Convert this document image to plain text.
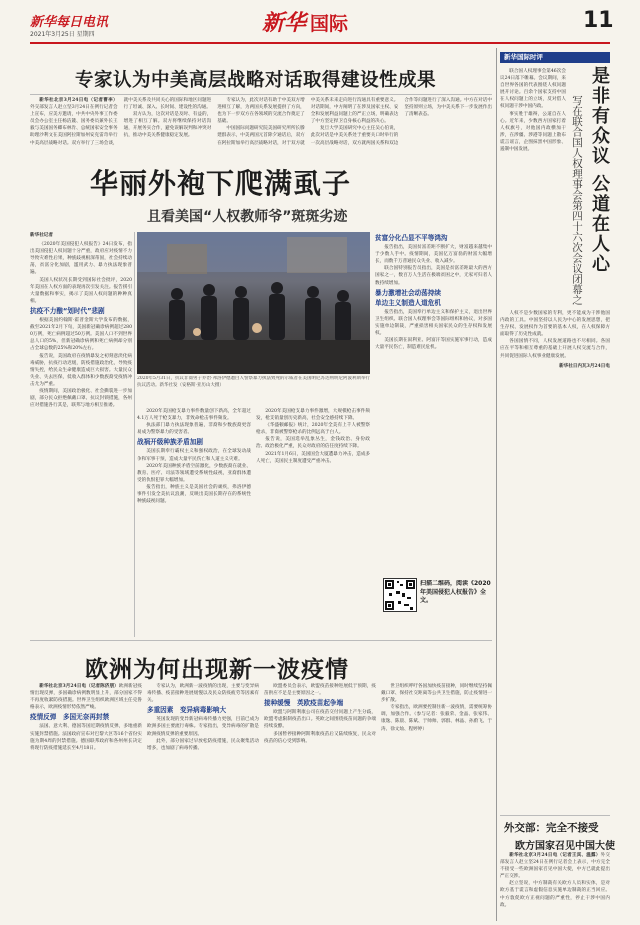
新华每日电讯
2021年3月25日 星期四	新华 国际	11
专家认为中美高层战略对话取得建设性成果

新华社北京3月24日电（记者曹李）外交部发言人赵立坚3月24日在例行记者会上宣布，应美方邀请，中共中央外事工作委员会办公室主任杨洁篪、国务委员兼外长王毅与美国国务卿布林肯、总统国家安全事务助理沙利文在美国阿拉斯加州安克雷奇举行中美高层战略对话。双方举行了三场会谈，就中美关系及共同关心的国际和地区问题进行了坦诚、深入、长时间、建设性的沟通。

双方认为，这次对话是及时、有益的，增进了相互了解。双方将继续保持对话沟通，开展务实合作，避免误解误判和冲突对抗，推动中美关系健康稳定发展。

专家认为，此次对话有助于中美双方增进相互了解，为两国关系发展提供了方向，也为下一步双方在各领域的交流合作奠定了基础。

中国国际问题研究院美国研究所所长滕建群表示，中美两国元首除夕通话后，双方在阿拉斯加举行高层战略对话，对于双方就中美关系未来走向进行沟通具有重要意义。对话期间，中方阐明了在涉及国家主权、安全和发展利益问题上的严正立场，明确表达了中方坚定捍卫自身核心利益的决心。

复旦大学美国研究中心主任吴心伯说，此次对话是中美关系处于重要关口时举行的一次高层战略对话，双方就两国关系和双边合作等问题进行了深入沟通。中方在对话中坚持原则立场，为中美关系下一步发展作出了清晰表态。

华丽外袍下爬满虱子
且看美国“人权教师爷”斑斑劣迹
2020年5月31日，抗议非裔男子乔治·弗洛伊德遭白人警察暴力执法致死的示威者在美国明尼苏达州明尼阿波利斯举行抗议活动。新华社发（安格斯·亚历山大摄）
新华社记者

《2020年美国侵犯人权报告》24日发布，指出美国侵犯人权问题十分严重，政府应对疫情不力导致灾难性后果，种族歧视根深蒂固，社会持续动荡，贫富分化加剧，滥用武力、暴力执法现象普遍。

美国人权状况长期受到国际社会批评，2020年美国在人权方面的表现再次引发关注。报告援引大量数据和事实，揭示了美国人权问题的种种真相。

抗疫不力酿“划时代”悲剧

根据美国约翰斯·霍普金斯大学发布的数据，截至2021年2月下旬，美国新冠确诊病例超过2800万例，死亡病例超过50万例。美国人口不到世界总人口的5%，但新冠确诊病例和死亡病例却分别占全球总数的25%和20%左右。

报告说，美国政府在疫情暴发之初刻意淡化病毒威胁，抗疫行动迟缓，防疫措施政治化，导致疫情失控，给民众生命健康造成巨大损害。大量民众失业、失去医保，低收入群体和少数族裔受疫情冲击尤为严重。

疫情期间，美国政治极化、社会撕裂进一步加剧，部分民众拒绝佩戴口罩、抗议封锁措施，各州应对措施各行其是，联邦与地方相互推诿。

2020年美国枪支暴力事件数量创下新高，全年超过4.1万人死于枪支暴力，非致命枪击事件频发。

执法部门暴力执法现象普遍，非裔和少数族裔更容易成为警察暴力的受害者。

战祸开级种族矛盾加剧

美国长期奉行霸权主义和强权政治，在全球发动战争和军事干预，造成大量平民伤亡和人道主义灾难。

2020年美国种族矛盾空前激化，少数族裔在就业、教育、医疗、司法等领域遭受系统性歧视，亚裔群体遭受的仇恨犯罪大幅增加。

报告指出，种族主义是美国社会的顽疾，弗洛伊德事件引发全美抗议浪潮，反映出美国长期存在的系统性种族歧视问题。

2020年美国枪支暴力事件激增，大规模枪击事件频发，枪支销量创历史新高，社会安全感持续下降。

《华盛顿邮报》统计，2020年全美有上千人被警察枪杀，非裔被警察枪杀的比例远高于白人。

报告说，美国选举乱象丛生，金钱政治、身份政治、政治极化严重，民众对政府的信任度持续下降。

2021年1月6日，美国国会大厦遭暴力冲击，造成多人死亡，美国民主制度遭受严重冲击。

贫富分化凸显不平等鸿沟

报告指出，美国贫富差距不断扩大，财富越来越集中于少数人手中。疫情期间，美国亿万富翁的财富大幅增长，而数千万普通民众失业、收入减少。

联合国特别报告员指出，美国是贫富差距最大的西方国家之一，数百万人生活在极端贫困之中，无家可归者人数持续增加。

暴力激增社会动荡持续
单边主义制造人道危机

报告指出，美国奉行单边主义和保护主义，退出世界卫生组织、联合国人权理事会等国际组织和协议，对多国实施单边制裁，严重损害相关国家民众的生存权和发展权。

美国长期在叙利亚、阿富汗等国实施军事行动，造成大量平民伤亡，制造难民危机。

扫描二维码，阅读《2020年美国侵犯人权报告》全文。
欧洲为何出现新一波疫情

新华社北京3月24日电（记者陈济朋）欧洲新冠疫情出现反弹，多国确诊病例数明显上升，部分国家不得不再度收紧防疫措施。世界卫生组织欧洲区域主任克鲁格表示，欧洲疫情形势依然严峻。

疫情反弹　多国无奈再封禁

法国、意大利、德国等国近期疫情反弹，多地重新实施封禁措施。法国政府宣布对巴黎大区等16个省份实施为期4周的封禁措施。德国联邦政府和各州州长决定将现行防疫措施延长至4月18日。

专家认为，欧洲新一波疫情的出现，主要与变异病毒传播、疫苗接种进展缓慢以及民众防疫疲劳等因素有关。

多重因素　变异病毒影响大

英国发现的变异新冠病毒传播力更强，目前已成为欧洲多国主要流行毒株。专家指出，变异病毒的扩散是欧洲疫情反弹的重要原因。

此外，部分国家过早放松防疫措施，民众聚集活动增多，也加剧了病毒传播。

欧盟委员会表示，欧盟疫苗接种进展低于预期，疫苗供应不足是主要原因之一。

接种缓慢　英欧疫苗起争端

欧盟与阿斯利康公司在疫苗交付问题上产生分歧，欧盟考虑限制疫苗出口。英欧之间围绕疫苗问题的争端持续发酵。

多国暂停接种阿斯利康疫苗后又陆续恢复，民众对疫苗的信心受到影响。

世卫组织呼吁各国加快疫苗接种，同时继续坚持佩戴口罩、保持社交距离等公共卫生措施，防止疫情进一步扩散。

专家指出，欧洲要控制住新一波疫情，需要统筹协调，加强合作。（参与记者：张毅荣、金晶、张家伟、康逸、陈晨、陈斌、于帅帅、郭群、林晶、孙蔚飞、于涛、徐文灿、程婷婷）

新华国际时评
是非有众议 公道在人心
写在联合国人权理事会第四十六次会议闭幕之

联合国人权理事会第46次会议24日落下帷幕。会议期间，来自世界各国的代表围绕人权问题展开讨论。百余个国家支持中国在人权问题上的立场，反对借人权问题干涉中国内政。

事实胜于雄辩，公道自在人心。近年来，少数西方国家打着人权旗号，对他国内政横加干涉，在涉疆、涉港等问题上散布谎言谣言，企图抹黑中国形象、遏制中国发展。

人权不是少数国家的专利，更不能成为干涉他国内政的工具。中国坚持以人民为中心的发展思想，把生存权、发展权作为首要的基本人权，在人权保障方面取得了历史性成就。

各国国情不同，人权发展道路也不尽相同。各国应在平等和相互尊重的基础上开展人权交流与合作，共同促进国际人权事业健康发展。

新华社日内瓦3月24日电

外交部：完全不接受
欧方国家召见中国大使

新华社北京3月24日电（记者王宾、温露）外交部发言人赵立坚24日在例行记者会上表示，中方完全不接受一些欧洲国家召见中国大使，中方已就此提出严正交涉。

赵立坚说，中方制裁有关欧方人员和实体，是对欧方基于谎言和虚假信息实施单边制裁的正当回应。中方敦促欧方正视问题的严重性，停止干涉中国内政。
